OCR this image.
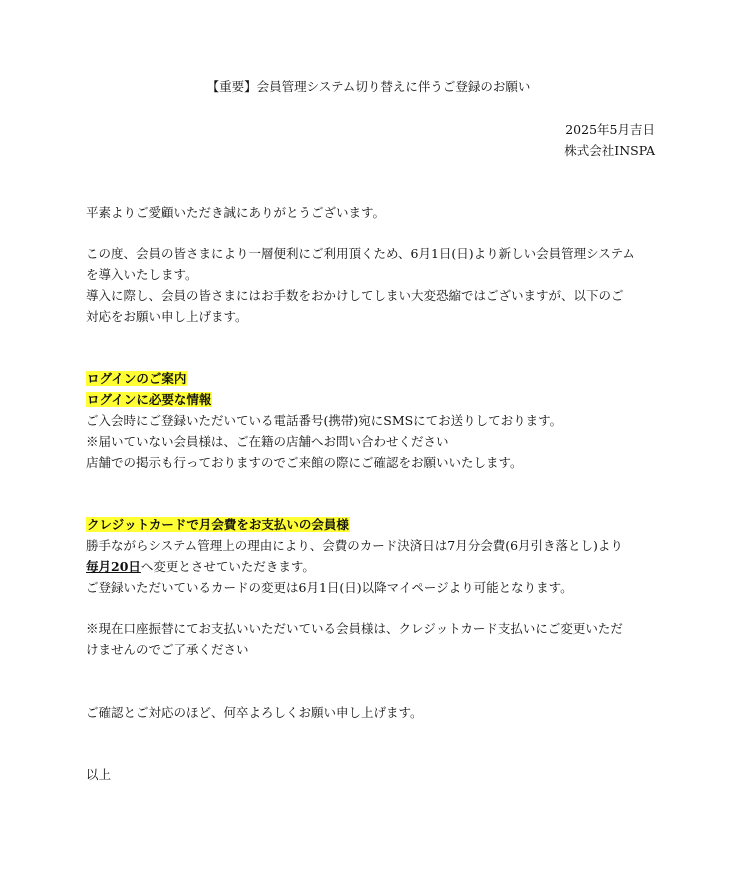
【重要】会員管理システム切り替えに伴うご登録のお願い
2025年5月吉日
株式会社INSPA
平素よりご愛顧いただき誠にありがとうございます。
この度、会員の皆さまにより一層便利にご利用頂くため、6月1日(日)より新しい会員管理システム
を導入いたします。
導入に際し、会員の皆さまにはお手数をおかけしてしまい大変恐縮ではございますが、以下のご
対応をお願い申し上げます。
ログインのご案内
ログインに必要な情報
ご入会時にご登録いただいている電話番号(携帯)宛にSMSにてお送りしております。
※届いていない会員様は、ご在籍の店舗へお問い合わせください
店舗での掲示も行っておりますのでご来館の際にご確認をお願いいたします。
クレジットカードで月会費をお支払いの会員様
勝手ながらシステム管理上の理由により、会費のカード決済日は7月分会費(6月引き落とし)より
毎月20日へ変更とさせていただきます。
ご登録いただいているカードの変更は6月1日(日)以降マイページより可能となります。
※現在口座振替にてお支払いいただいている会員様は、クレジットカード支払いにご変更いただ
けませんのでご了承ください
ご確認とご対応のほど、何卒よろしくお願い申し上げます。
以上
